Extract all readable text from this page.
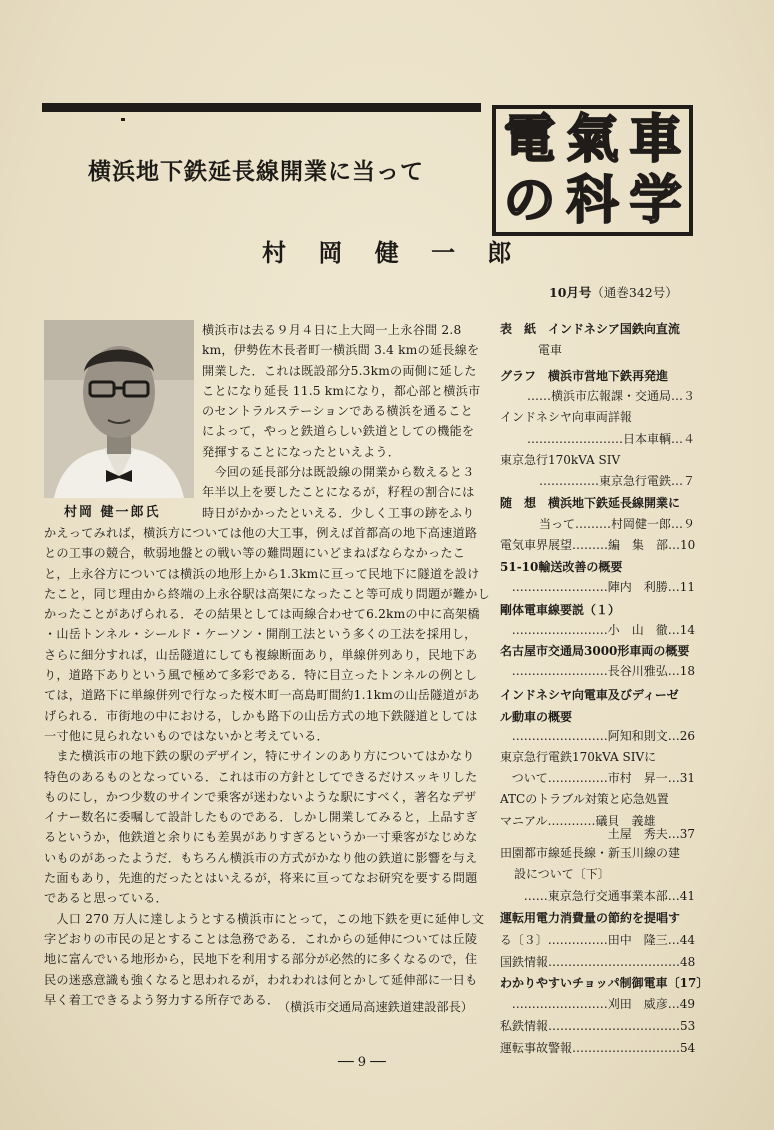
横浜地下鉄延長線開業に当って
村 岡 健 一 郎
村岡 健一郎氏
横浜市は去る９月４日に上大岡一上永谷間 2.8
km，伊勢佐木長者町一横浜間 3.4 kmの延長線を
開業した．これは既設部分5.3kmの両側に延した
ことになり延長 11.5 kmになり，都心部と横浜市
のセントラルステーションである横浜を通ること
によって，やっと鉄道らしい鉄道としての機能を
発揮することになったといえよう．
　今回の延長部分は既設線の開業から数えると３
年半以上を要したことになるが，籽程の割合には
時日がかかったといえる．少しく工事の跡をふり
かえってみれば，横浜方については他の大工事，例えば首都高の地下高速道路
との工事の競合，軟弱地盤との戦い等の難問題にいどまねばならなかったこ
と，上永谷方については横浜の地形上から1.3kmに亘って民地下に隧道を設け
たこと，同じ理由から終端の上永谷駅は高架になったこと等可成り問題が難かし
かったことがあげられる．その結果としては両線合わせて6.2kmの中に高架橋
・山岳トンネル・シールド・ケーソン・開削工法という多くの工法を採用し，
さらに細分すれば，山岳隧道にしても複線断面あり，単線併列あり，民地下あ
り，道路下ありという風で極めて多彩である．特に目立ったトンネルの例とし
ては，道路下に単線併列で行なった桜木町一高島町間約1.1kmの山岳隧道があ
げられる．市街地の中における，しかも路下の山岳方式の地下鉄隧道としては
一寸他に見られないものではないかと考えている．
　また横浜市の地下鉄の駅のデザイン，特にサインのあり方についてはかなり
特色のあるものとなっている．これは市の方針としてできるだけスッキリした
ものにし，かつ少数のサインで乗客が迷わないような駅にすべく，著名なデザ
イナー数名に委嘱して設計したものである．しかし開業してみると，上品すぎ
るというか，他鉄道と余りにも差異がありすぎるというか一寸乗客がなじめな
いものがあったようだ．もちろん横浜市の方式がかなり他の鉄道に影響を与え
た面もあり，先進的だったとはいえるが，将来に亘ってなお研究を要する問題
であると思っている．
　人口 270 万人に達しようとする横浜市にとって，この地下鉄を更に延伸し文
字どおりの市民の足とすることは急務である．これからの延伸については丘陵
地に富んでいる地形から，民地下を利用する部分が必然的に多くなるので，住
民の迷惑意識も強くなると思われるが，われわれは何とかして延伸部に一日も
早く着工できるよう努力する所存である．
（横浜市交通局高速鉄道建設部長）
── 9 ──
電 氣 車
の 科 学
10月号（通巻342号）
表　紙　インドネシア国鉄向直流
電車
グラフ　横浜市営地下鉄再発進
……横浜市広報課・交通局…３
インドネシヤ向車両詳報
……………………日本車輌…４
東京急行170kVA SIV
……………東京急行電鉄…７
随　想　横浜地下鉄延長線開業に
当って………村岡健一郎…９
電気車界展望………編　集　部…10
51-10輸送改善の概要
……………………陣内　利勝…11
剛体電車線要説（１）
……………………小　山　徹…14
名古屋市交通局3000形車両の概要
……………………長谷川雅弘…18
インドネシヤ向電車及びディーゼ
ル動車の概要
……………………阿知和則文…26
東京急行電鉄170kVA SIVに
ついて……………市村　昇一…31
ATCのトラブル対策と応急処置
マニアル…………礒貝　義雄
土屋　秀夫…37
田園都市線延長線・新玉川線の建
設について〔下〕
……東京急行交通事業本部…41
運転用電力消費量の節約を提唱す
る〔３〕……………田中　隆三…44
国鉄情報……………………………48
わかりやすいチョッパ制御電車〔17〕
……………………刈田　威彦…49
私鉄情報……………………………53
運転事故警報………………………54
